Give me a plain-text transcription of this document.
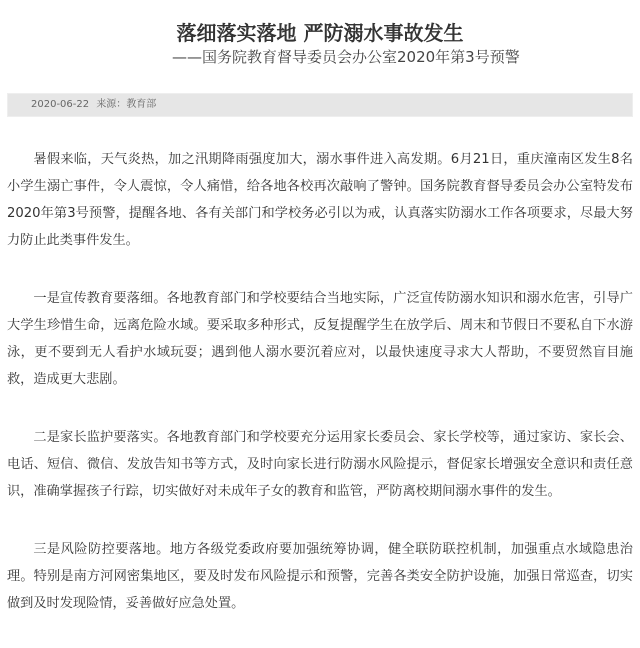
落细落实落地 严防溺水事故发生
——国务院教育督导委员会办公室2020年第3号预警
2020-06-22 来源：教育部

暑假来临，天气炎热，加之汛期降雨强度加大，溺水事件进入高发期。6月21日，重庆潼南区发生8名小学生溺亡事件，令人震惊，令人痛惜，给各地各校再次敲响了警钟。国务院教育督导委员会办公室特发布2020年第3号预警，提醒各地、各有关部门和学校务必引以为戒，认真落实防溺水工作各项要求，尽最大努力防止此类事件发生。

一是宣传教育要落细。各地教育部门和学校要结合当地实际，广泛宣传防溺水知识和溺水危害，引导广大学生珍惜生命，远离危险水域。要采取多种形式，反复提醒学生在放学后、周末和节假日不要私自下水游泳，更不要到无人看护水域玩耍；遇到他人溺水要沉着应对，以最快速度寻求大人帮助，不要贸然盲目施救，造成更大悲剧。

二是家长监护要落实。各地教育部门和学校要充分运用家长委员会、家长学校等，通过家访、家长会、电话、短信、微信、发放告知书等方式，及时向家长进行防溺水风险提示，督促家长增强安全意识和责任意识，准确掌握孩子行踪，切实做好对未成年子女的教育和监管，严防离校期间溺水事件的发生。

三是风险防控要落地。地方各级党委政府要加强统筹协调，健全联防联控机制，加强重点水域隐患治理。特别是南方河网密集地区，要及时发布风险提示和预警，完善各类安全防护设施，加强日常巡查，切实做到及时发现险情，妥善做好应急处置。
